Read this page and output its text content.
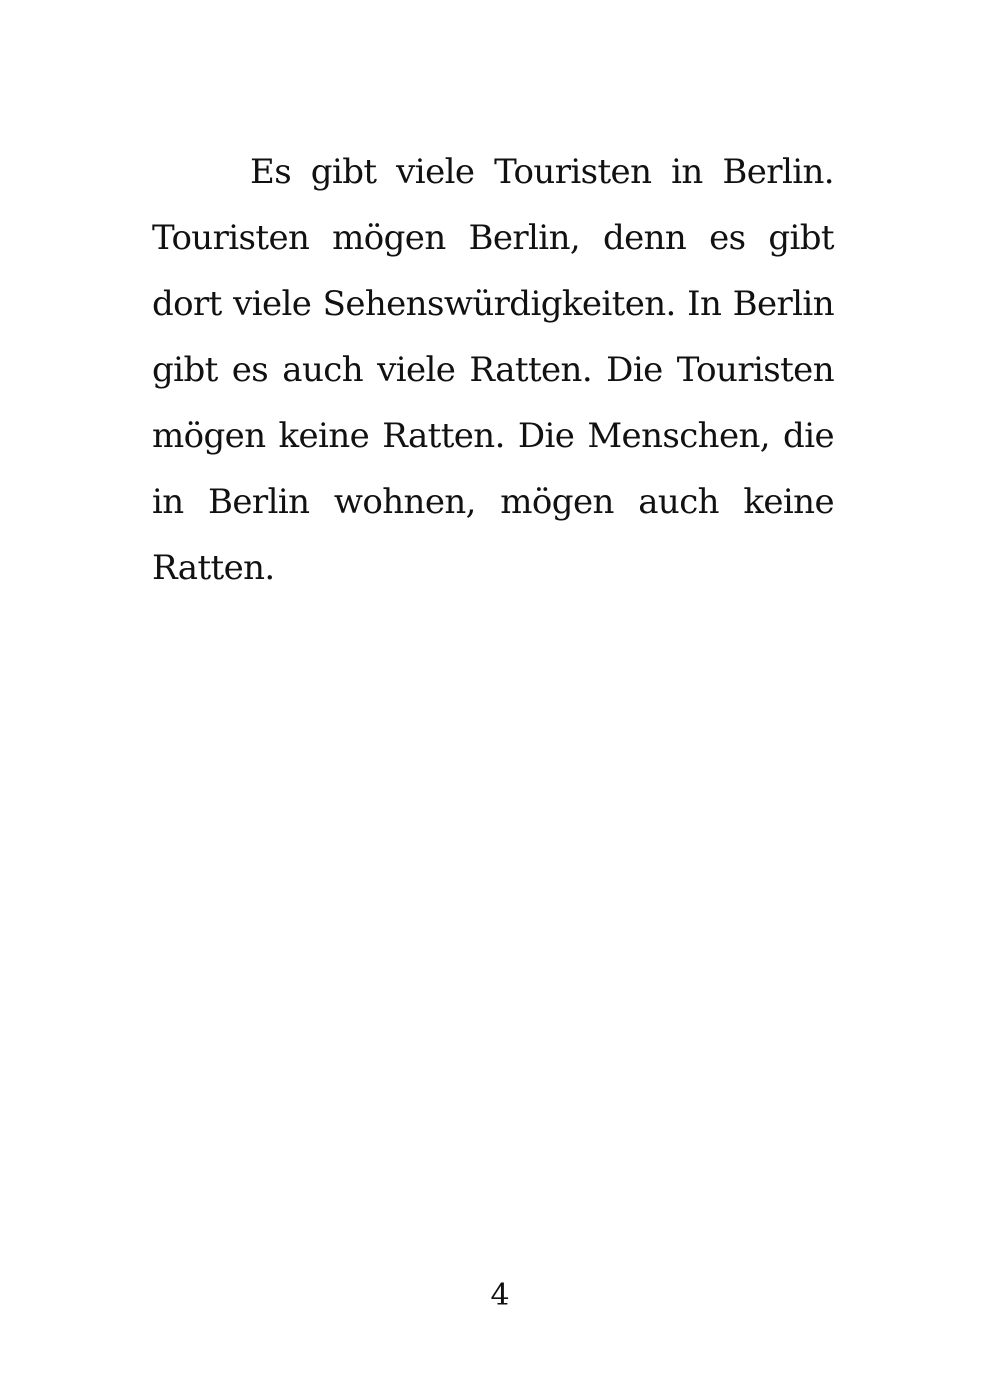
Es gibt viele Touristen in Berlin. Touristen mögen Berlin, denn es gibt dort viele Sehenswürdigkeiten. In Berlin gibt es auch viele Ratten. Die Touristen mögen keine Ratten. Die Menschen, die in Berlin wohnen, mögen auch keine Ratten.

4
